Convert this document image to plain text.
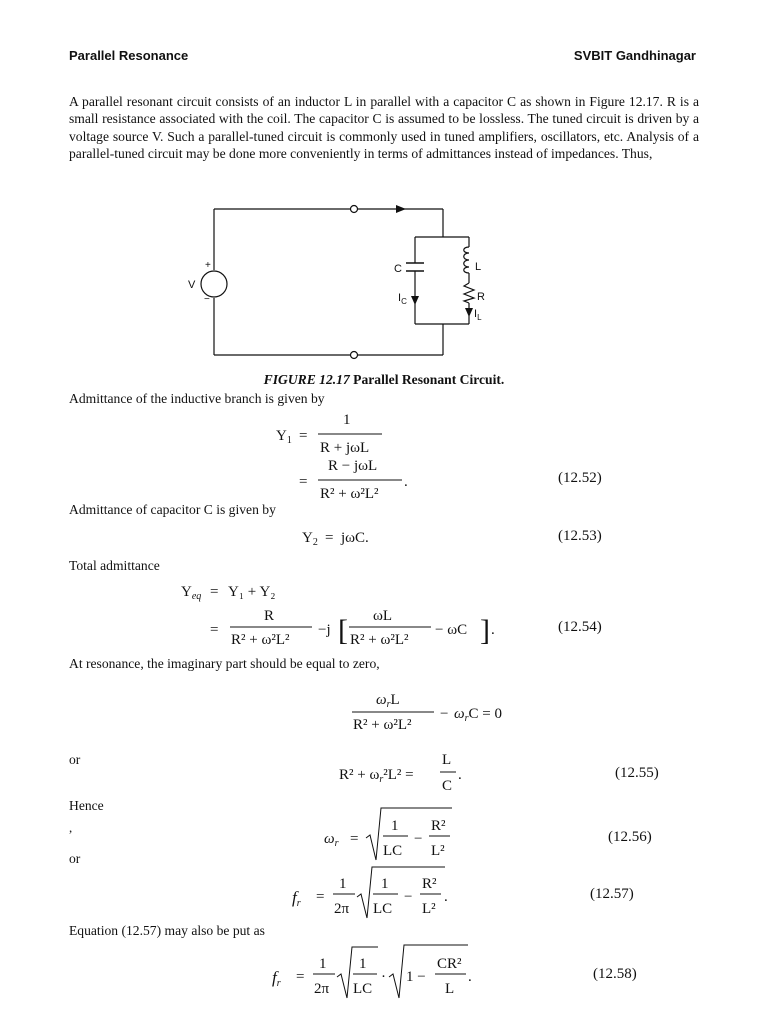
Parallel Resonance	SVBIT Gandhinagar
A parallel resonant circuit consists of an inductor L in parallel with a capacitor C as shown in Figure 12.17. R is a small resistance associated with the coil. The capacitor C is assumed to be lossless. The tuned circuit is driven by a voltage source V. Such a parallel-tuned circuit is commonly used in tuned amplifiers, oscillators, etc. Analysis of a parallel-tuned circuit may be done more conveniently in terms of admittances instead of impedances. Thus,
+
−
V
C	L
R
$I_C$
$I_L$
FIGURE 12.17 Parallel Resonant Circuit.
Admittance of the inductive branch is given by
Admittance of capacitor C is given by
Total admittance
At resonance, the imaginary part should be equal to zero,
or
Hence
,
or
Equation (12.57) may also be put as
$Y_1$ =
1
R + jωL
=
R − jωL
R² + ω²L²
.
$Y_2 = j\omega C$.
$Y_{eq} = Y_1 + Y_2$
=
R
R² + ω²L²
−j [ ωL
R² + ω²L²
− ωC ] .
$\omega_rL$
R² + ω²L²
− $\omega_rC = 0$
$R^2 + \omega_r^2L^2$ =
L
C
.
$\omega_r$ =
1
LC
−
R²
L²
fr =
1
2π
1
LC
−
R²
L²
.
fr =
1
2π
1
LC
· 1 −
CR²
L
.
(12.52)
(12.53)
(12.54)
(12.55)
(12.56)
(12.57)
(12.58)
